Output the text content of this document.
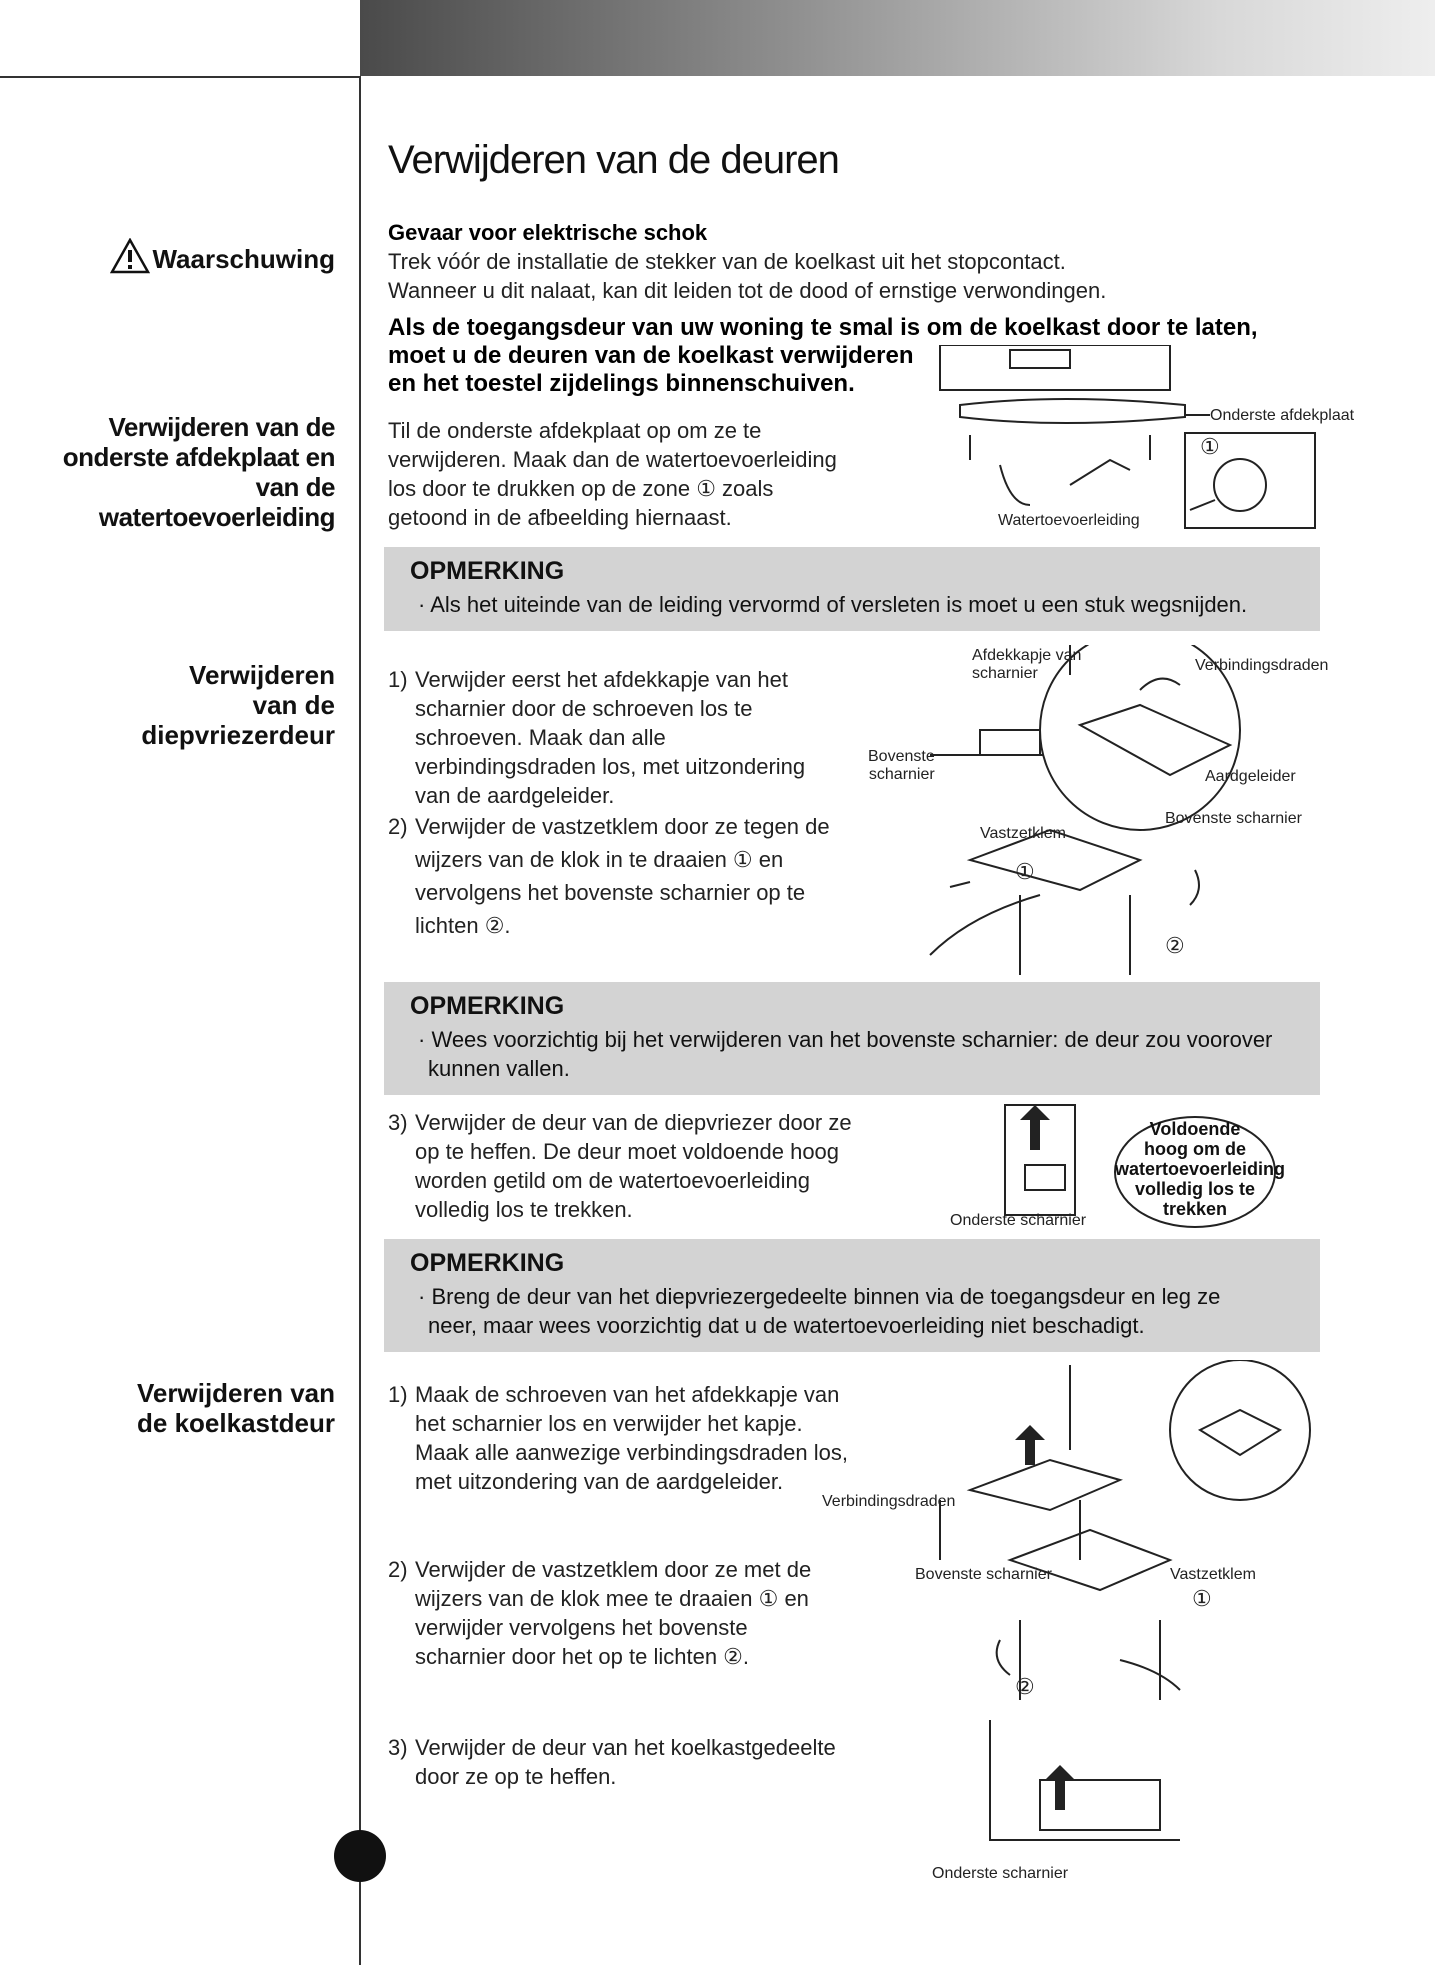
Waarschuwing

Verwijderen van de
onderste afdekplaat en
van de
watertoevoerleiding
Verwijderen
van de
diepvriezerdeur
Verwijderen van
de koelkastdeur
Verwijderen van de deuren
Gevaar voor elektrische schok
Trek vóór de installatie de stekker van de koelkast uit het stopcontact.
Wanneer u dit nalaat, kan dit leiden tot de dood of ernstige verwondingen.
Als de toegangsdeur van uw woning te smal is om de koelkast door te laten,
moet u de deuren van de koelkast verwijderen
en het toestel zijdelings binnenschuiven.
Til de onderste afdekplaat op om ze te
verwijderen. Maak dan de watertoevoerleiding
los door te drukken op de zone ① zoals
getoond in de afbeelding hiernaast.
Onderste afdekplaat
Watertoevoerleiding
①
OPMERKING

· Als het uiteinde van de leiding vervormd of versleten is moet u een stuk wegsnijden.

1) Verwijder eerst het afdekkapje van het
scharnier door de schroeven los te
schroeven. Maak dan alle
verbindingsdraden los, met uitzondering
van de aardgeleider.
2) Verwijder de vastzetklem door ze tegen de
wijzers van de klok in te draaien ① en
vervolgens het bovenste scharnier op te
lichten ②.
Afdekkapje van
scharnier	Verbindingsdraden
Bovenste
scharnier	Aardgeleider
Vastzetklem
Bovenste scharnier
①
②
OPMERKING

· Wees voorzichtig bij het verwijderen van het bovenste scharnier: de deur zou voorover
kunnen vallen.

3) Verwijder de deur van de diepvriezer door ze
op te heffen. De deur moet voldoende hoog
worden getild om de watertoevoerleiding
volledig los te trekken.
Voldoende
hoog om de
watertoevoerleiding
volledig los te
trekken
Onderste scharnier
OPMERKING

· Breng de deur van het diepvriezergedeelte binnen via de toegangsdeur en leg ze
neer, maar wees voorzichtig dat u de watertoevoerleiding niet beschadigt.

1) Maak de schroeven van het afdekkapje van
het scharnier los en verwijder het kapje.
Maak alle aanwezige verbindingsdraden los,
met uitzondering van de aardgeleider.
2) Verwijder de vastzetklem door ze met de
wijzers van de klok mee te draaien ① en
verwijder vervolgens het bovenste
scharnier door het op te lichten ②.
3) Verwijder de deur van het koelkastgedeelte
door ze op te heffen.
Verbindingsdraden
Bovenste scharnier	Vastzetklem
①
②
Onderste scharnier
